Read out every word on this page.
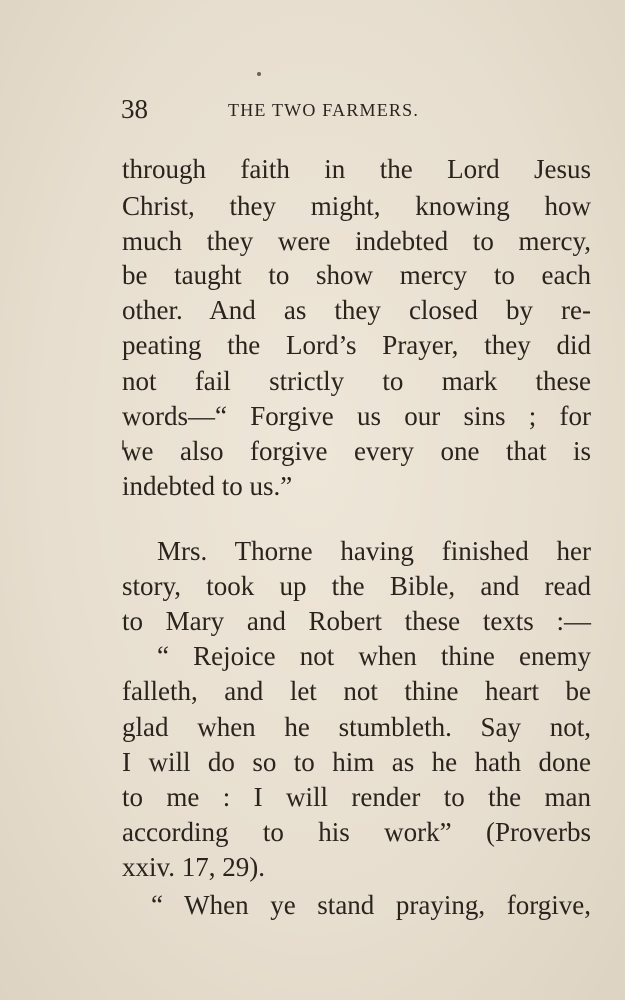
38	THE TWO FARMERS.
through faith in the Lord Jesus
Christ, they might, knowing how
much they were indebted to mercy,
be taught to show mercy to each
other. And as they closed by re-
peating the Lord’s Prayer, they did
not fail strictly to mark these
words—“ Forgive us our sins ; for
we also forgive every one that is
indebted to us.”
Mrs. Thorne having finished her
story, took up the Bible, and read
to Mary and Robert these texts :—
“ Rejoice not when thine enemy
falleth, and let not thine heart be
glad when he stumbleth. Say not,
I will do so to him as he hath done
to me : I will render to the man
according to his work” (Proverbs
xxiv. 17, 29).
“ When ye stand praying, forgive,
